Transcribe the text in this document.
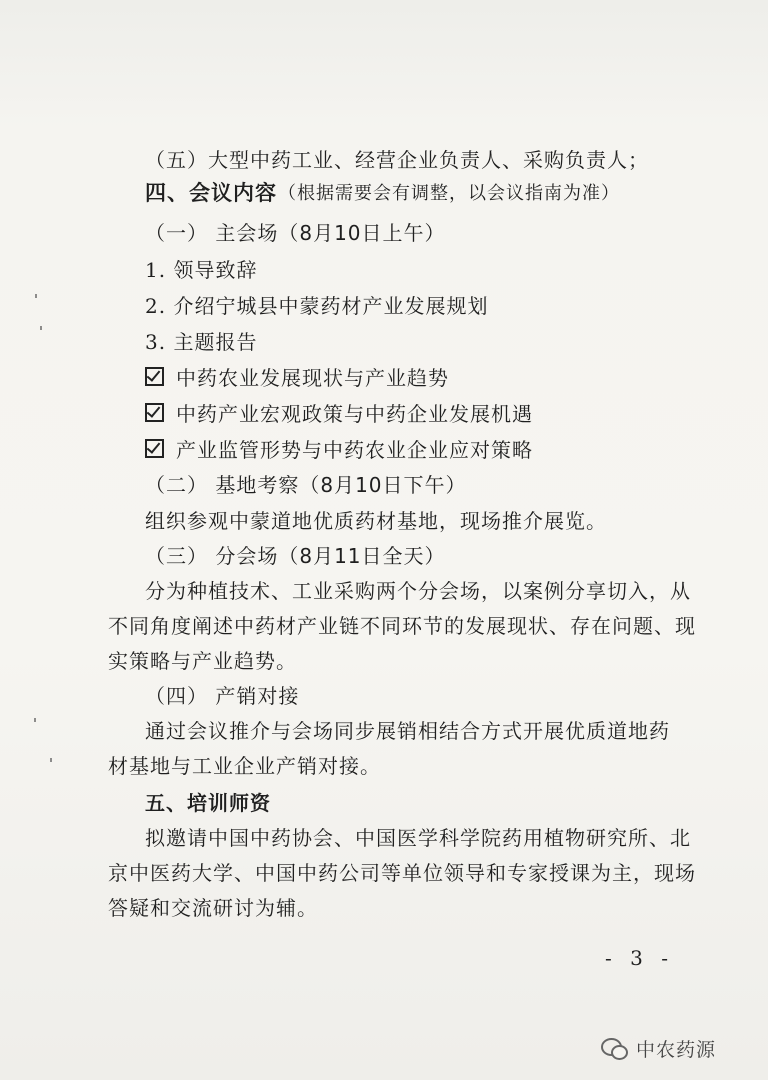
（五）大型中药工业、经营企业负责人、采购负责人；
四、会议内容 （根据需要会有调整，以会议指南为准）
（一） 主会场（8月10日上午）
1. 领导致辞
2. 介绍宁城县中蒙药材产业发展规划
3. 主题报告
中药农业发展现状与产业趋势
中药产业宏观政策与中药企业发展机遇
产业监管形势与中药农业企业应对策略
（二） 基地考察（8月10日下午）
组织参观中蒙道地优质药材基地，现场推介展览。
（三） 分会场（8月11日全天）
分为种植技术、工业采购两个分会场，以案例分享切入，从
不同角度阐述中药材产业链不同环节的发展现状、存在问题、现
实策略与产业趋势。
（四） 产销对接
通过会议推介与会场同步展销相结合方式开展优质道地药
材基地与工业企业产销对接。
五、培训师资
拟邀请中国中药协会、中国医学科学院药用植物研究所、北
京中医药大学、中国中药公司等单位领导和专家授课为主，现场
答疑和交流研讨为辅。
- 3 -
中农药源
